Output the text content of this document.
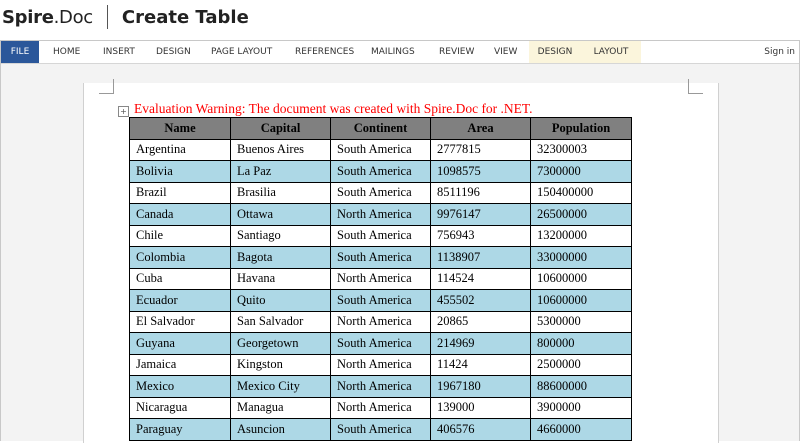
Spire.Doc Create Table
FILE	HOME	INSERT DESIGN PAGE LAYOUT	REFERENCES MAILINGS	REVIEW VIEW	DESIGN	LAYOUT	Sign in
+ Evaluation Warning: The document was created with Spire.Doc for .NET.
Name	Capital	Continent	Area	Population
Argentina	Buenos Aires	South America	2777815	32300003
Bolivia	La Paz	South America	1098575	7300000
Brazil	Brasilia	South America	8511196	150400000
Canada	Ottawa	North America	9976147	26500000
Chile	Santiago	South America	756943	13200000
Colombia	Bagota	South America	1138907	33000000
Cuba	Havana	North America	114524	10600000
Ecuador	Quito	South America	455502	10600000
El Salvador	San Salvador	North America	20865	5300000
Guyana	Georgetown	South America	214969	800000
Jamaica	Kingston	North America	11424	2500000
Mexico	Mexico City	North America	1967180	88600000
Nicaragua	Managua	North America	139000	3900000
Paraguay	Asuncion	South America	406576	4660000
